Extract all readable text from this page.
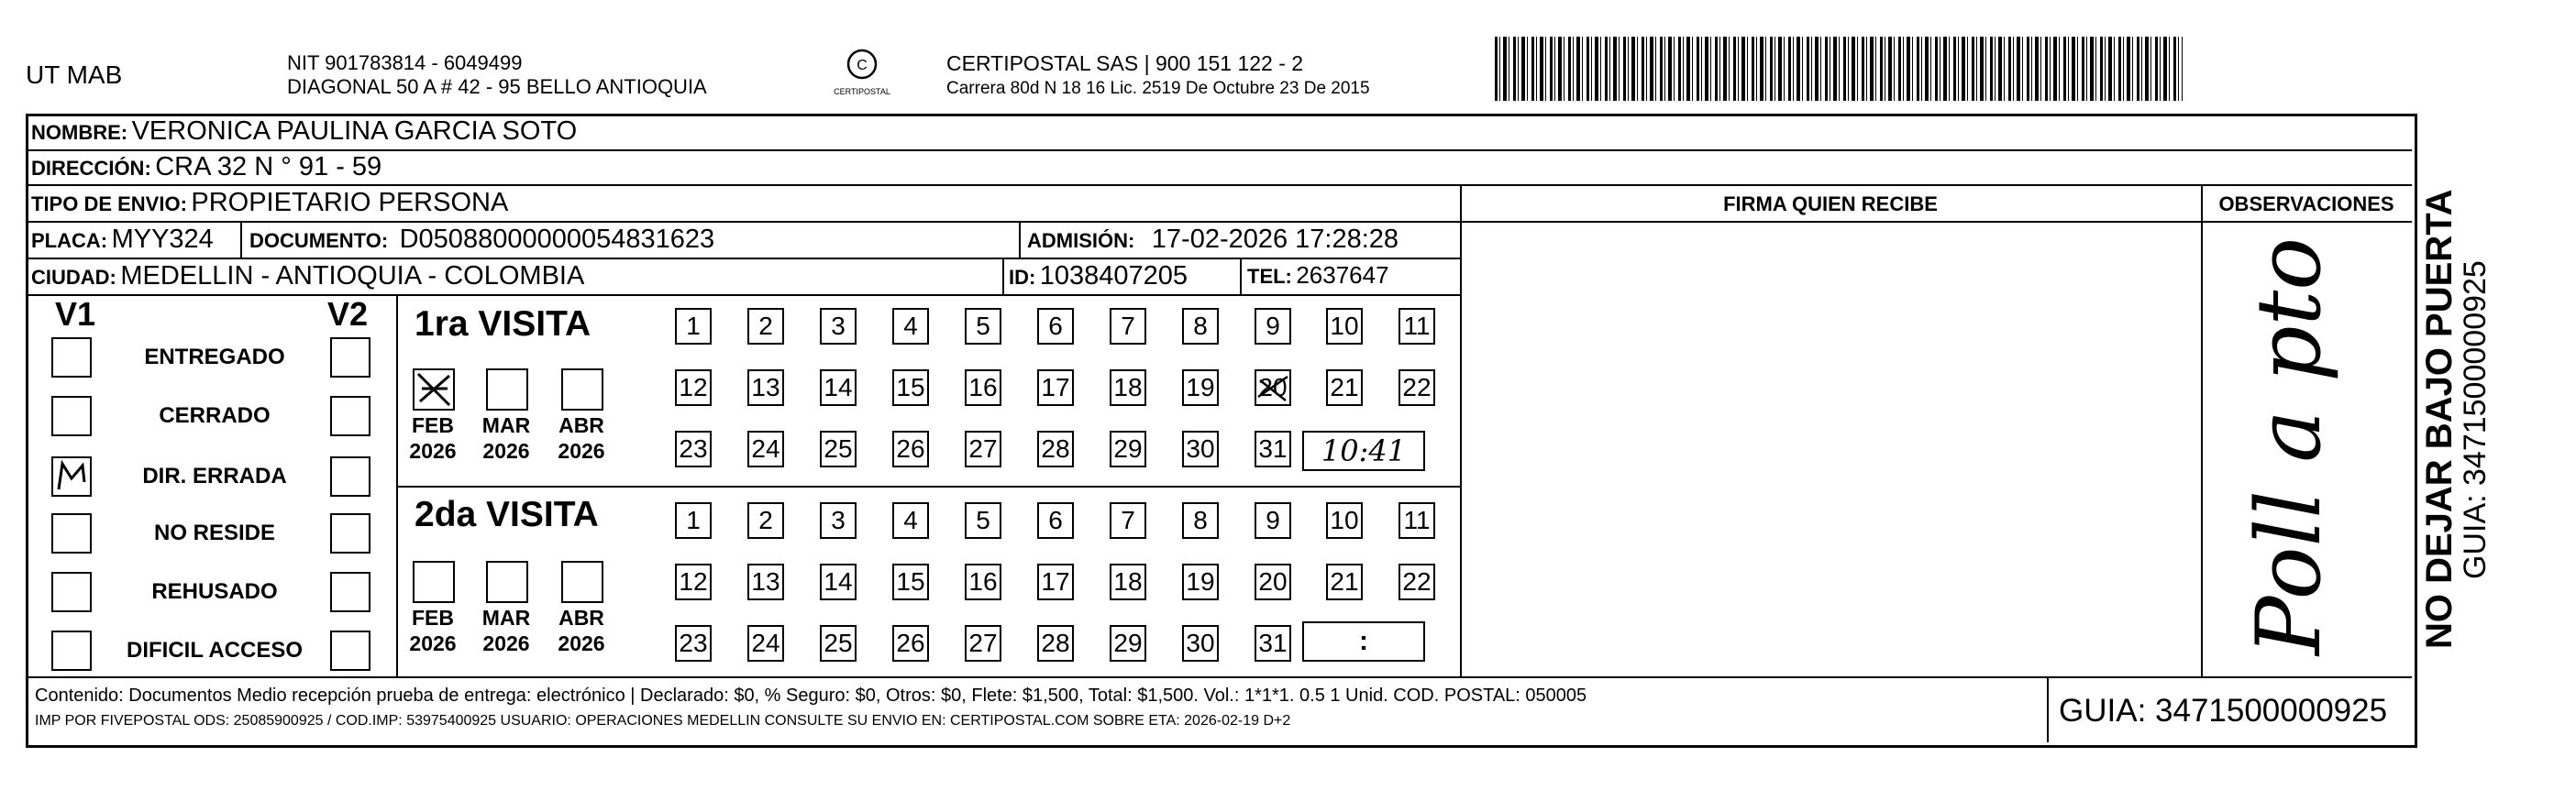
UT MAB	NIT 901783814 - 6049499
DIAGONAL 50 A # 42 - 95 BELLO ANTIOQUIA
C
CERTIPOSTAL
CERTIPOSTAL SAS | 900 151 122 - 2
Carrera 80d N 18 16 Lic. 2519 De Octubre 23 De 2015
NOMBRE: VERONICA PAULINA GARCIA SOTO
DIRECCIÓN: CRA 32 N ° 91 - 59
TIPO DE ENVIO: PROPIETARIO PERSONA	FIRMA QUIEN RECIBE	OBSERVACIONES
PLACA: MYY324 DOCUMENTO: D05088000000054831623	ADMISIÓN: 17-02-2026 17:28:28
CIUDAD: MEDELLIN - ANTIOQUIA - COLOMBIA	ID: 1038407205	TEL: 2637647
V1	V2
ENTREGADO
CERRADO
DIR. ERRADA
NO RESIDE
REHUSADO
DIFICIL ACCESO
1ra VISITA
2da VISITA
FEB
2026
MAR
2026
ABR
2026
FEB
2026
MAR
2026
ABR
2026
1	2	3	4	5	6	7	8	9	10 11
12 13 14 15 16 17 18 19 20 21 22
23 24 25 26 27 28 29 30 31
1	2	3	4	5	6	7	8	9	10 11
12 13 14 15 16 17 18 19 20 21 22
23 24 25 26 27 28 29 30 31
10:41
:	Poll a pto
Contenido: Documentos Medio recepción prueba de entrega: electrónico | Declarado: $0, % Seguro: $0, Otros: $0, Flete: $1,500, Total: $1,500. Vol.: 1*1*1. 0.5 1 Unid. COD. POSTAL: 050005
IMP POR FIVEPOSTAL ODS: 25085900925 / COD.IMP: 53975400925 USUARIO: OPERACIONES MEDELLIN CONSULTE SU ENVIO EN: CERTIPOSTAL.COM SOBRE ETA: 2026-02-19 D+2	GUIA: 3471500000925
NO DEJAR BAJO PUERTA
GUIA: 3471500000925
